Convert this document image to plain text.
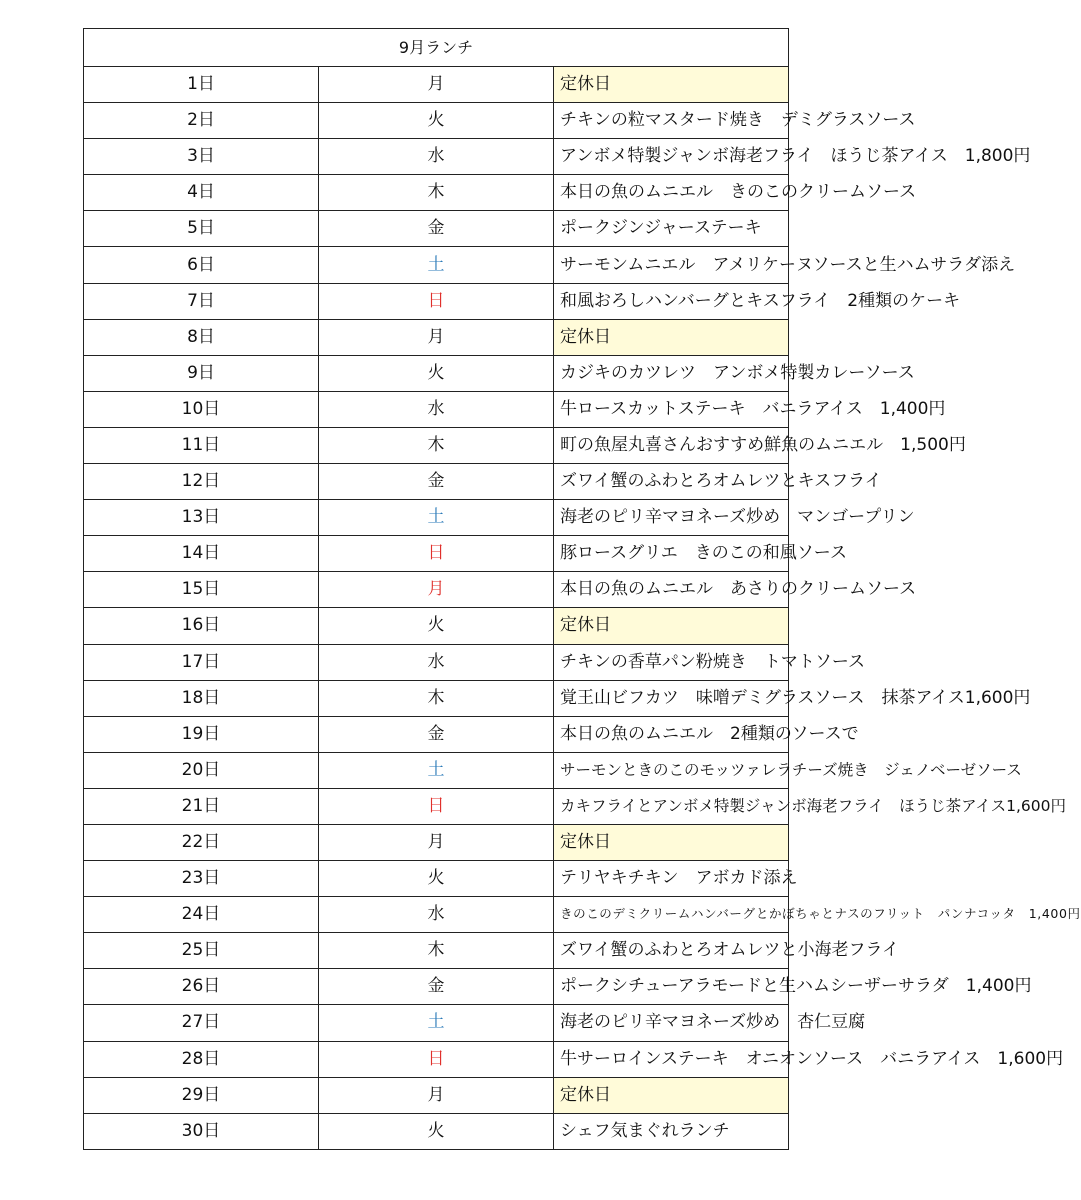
9月ランチ		
1日	月	定休日
2日	火	チキンの粒マスタード焼き　デミグラスソース
3日	水	アンボメ特製ジャンボ海老フライ　ほうじ茶アイス　1,800円
4日	木	本日の魚のムニエル　きのこのクリームソース
5日	金	ポークジンジャーステーキ
6日	土	サーモンムニエル　アメリケーヌソースと生ハムサラダ添え
7日	日	和風おろしハンバーグとキスフライ　2種類のケーキ
8日	月	定休日
9日	火	カジキのカツレツ　アンボメ特製カレーソース
10日	水	牛ロースカットステーキ　バニラアイス　1,400円
11日	木	町の魚屋丸喜さんおすすめ鮮魚のムニエル　1,500円
12日	金	ズワイ蟹のふわとろオムレツとキスフライ
13日	土	海老のピリ辛マヨネーズ炒め　マンゴープリン
14日	日	豚ロースグリエ　きのこの和風ソース
15日	月	本日の魚のムニエル　あさりのクリームソース
16日	火	定休日
17日	水	チキンの香草パン粉焼き　トマトソース
18日	木	覚王山ビフカツ　味噌デミグラスソース　抹茶アイス1,600円
19日	金	本日の魚のムニエル　2種類のソースで
20日	土	サーモンときのこのモッツァレラチーズ焼き　ジェノベーゼソース
21日	日	カキフライとアンボメ特製ジャンボ海老フライ　ほうじ茶アイス1,600円
22日	月	定休日
23日	火	テリヤキチキン　アボカド添え
24日	水	きのこのデミクリームハンバーグとかぼちゃとナスのフリット　パンナコッタ　1,400円
25日	木	ズワイ蟹のふわとろオムレツと小海老フライ
26日	金	ポークシチューアラモードと生ハムシーザーサラダ　1,400円
27日	土	海老のピリ辛マヨネーズ炒め　杏仁豆腐
28日	日	牛サーロインステーキ　オニオンソース　バニラアイス　1,600円
29日	月	定休日
30日	火	シェフ気まぐれランチ
